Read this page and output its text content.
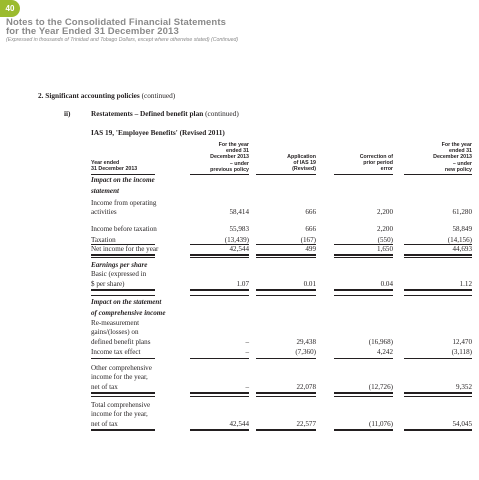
40
Notes to the Consolidated Financial Statements
for the Year Ended 31 December 2013
(Expressed in thousands of Trinidad and Tobago Dollars, except where otherwise stated) (Continued)
2. Significant accounting policies (continued)
ii)	Restatements – Defined benefit plan (continued)
IAS 19, 'Employee Benefits' (Revised 2011)
Year ended
31 December 2013
For the year
ended 31
December 2013
– under
previous policy
Application
of IAS 19
(Revised)
Correction of
prior period
error
For the year
ended 31
December 2013
– under
new policy
Impact on the income
statement
Income from operating
activities	58,414	666	2,200	61,280
Income before taxation	55,983	666	2,200	58,849
Taxation	(13,439)	(167)	(550)	(14,156)
Net income for the year	42,544	499	1,650	44,693
Earnings per share
Basic (expressed in
$ per share)	1.07	0.01	0.04	1.12
Impact on the statement
of comprehensive income
Re-measurement
gains/(losses) on
defined benefit plans	–	29,438	(16,968)	12,470
Income tax effect	–	(7,360)	4,242	(3,118)
Other comprehensive
income for the year,
net of tax	–	22,078	(12,726)	9,352
Total comprehensive
income for the year,
net of tax	42,544	22,577	(11,076)	54,045
